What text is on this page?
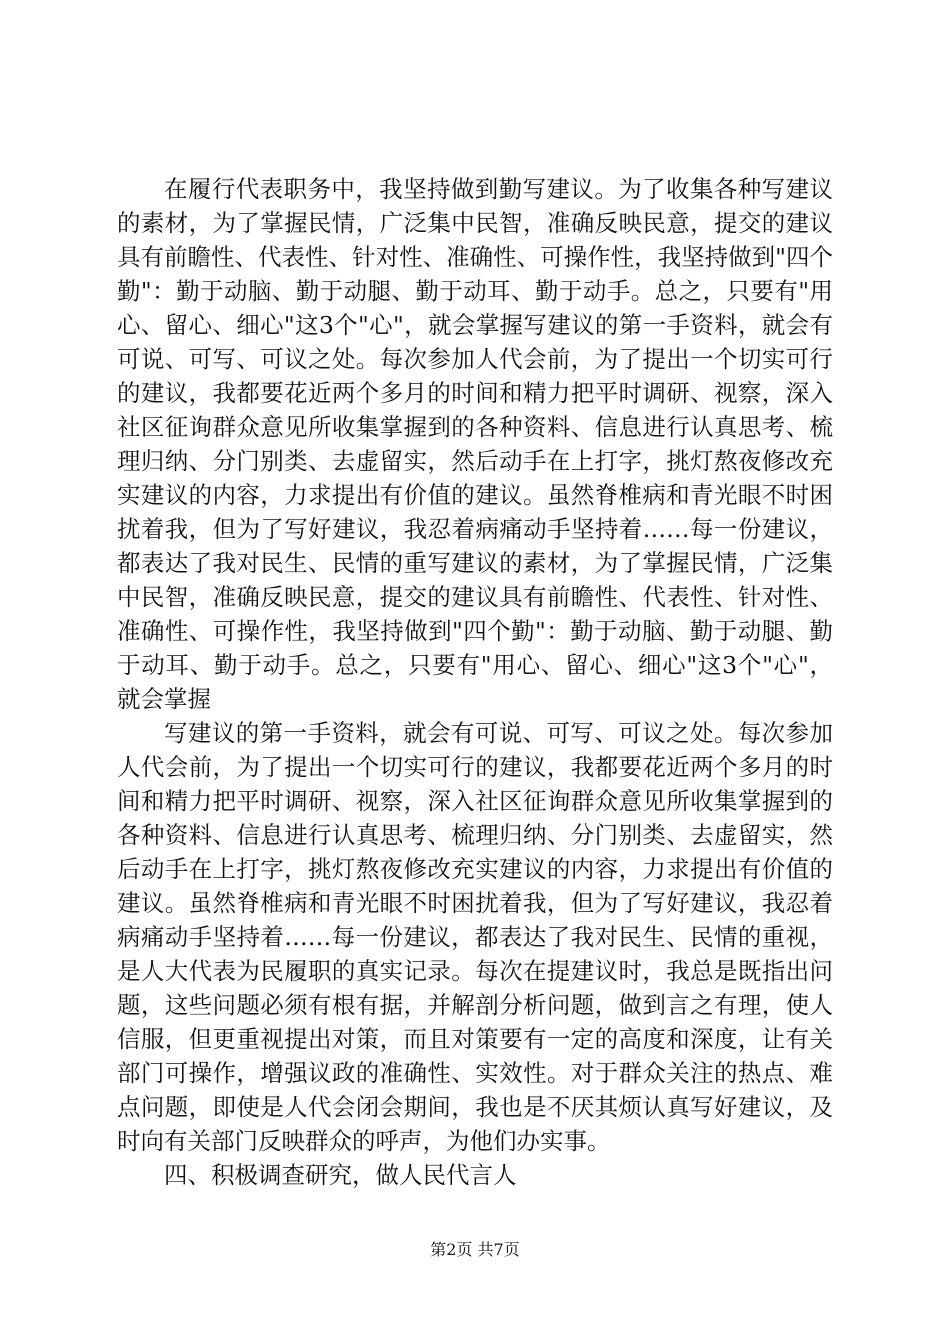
在履行代表职务中，我坚持做到勤写建议。为了收集各种写建议的素材，为了掌握民情，广泛集中民智，准确反映民意，提交的建议具有前瞻性、代表性、针对性、准确性、可操作性，我坚持做到"四个勤"：勤于动脑、勤于动腿、勤于动耳、勤于动手。总之，只要有"用心、留心、细心"这3个"心"，就会掌握写建议的第一手资料，就会有可说、可写、可议之处。每次参加人代会前，为了提出一个切实可行的建议，我都要花近两个多月的时间和精力把平时调研、视察，深入社区征询群众意见所收集掌握到的各种资料、信息进行认真思考、梳理归纳、分门别类、去虚留实，然后动手在上打字，挑灯熬夜修改充实建议的内容，力求提出有价值的建议。虽然脊椎病和青光眼不时困扰着我，但为了写好建议，我忍着病痛动手坚持着……每一份建议，都表达了我对民生、民情的重写建议的素材，为了掌握民情，广泛集中民智，准确反映民意，提交的建议具有前瞻性、代表性、针对性、准确性、可操作性，我坚持做到"四个勤"：勤于动脑、勤于动腿、勤于动耳、勤于动手。总之，只要有"用心、留心、细心"这3个"心"，就会掌握

写建议的第一手资料，就会有可说、可写、可议之处。每次参加人代会前，为了提出一个切实可行的建议，我都要花近两个多月的时间和精力把平时调研、视察，深入社区征询群众意见所收集掌握到的各种资料、信息进行认真思考、梳理归纳、分门别类、去虚留实，然后动手在上打字，挑灯熬夜修改充实建议的内容，力求提出有价值的建议。虽然脊椎病和青光眼不时困扰着我，但为了写好建议，我忍着病痛动手坚持着……每一份建议，都表达了我对民生、民情的重视，是人大代表为民履职的真实记录。每次在提建议时，我总是既指出问题，这些问题必须有根有据，并解剖分析问题，做到言之有理，使人信服，但更重视提出对策，而且对策要有一定的高度和深度，让有关部门可操作，增强议政的准确性、实效性。对于群众关注的热点、难点问题，即使是人代会闭会期间，我也是不厌其烦认真写好建议，及时向有关部门反映群众的呼声，为他们办实事。

四、积极调查研究，做人民代言人

第2页 共7页
